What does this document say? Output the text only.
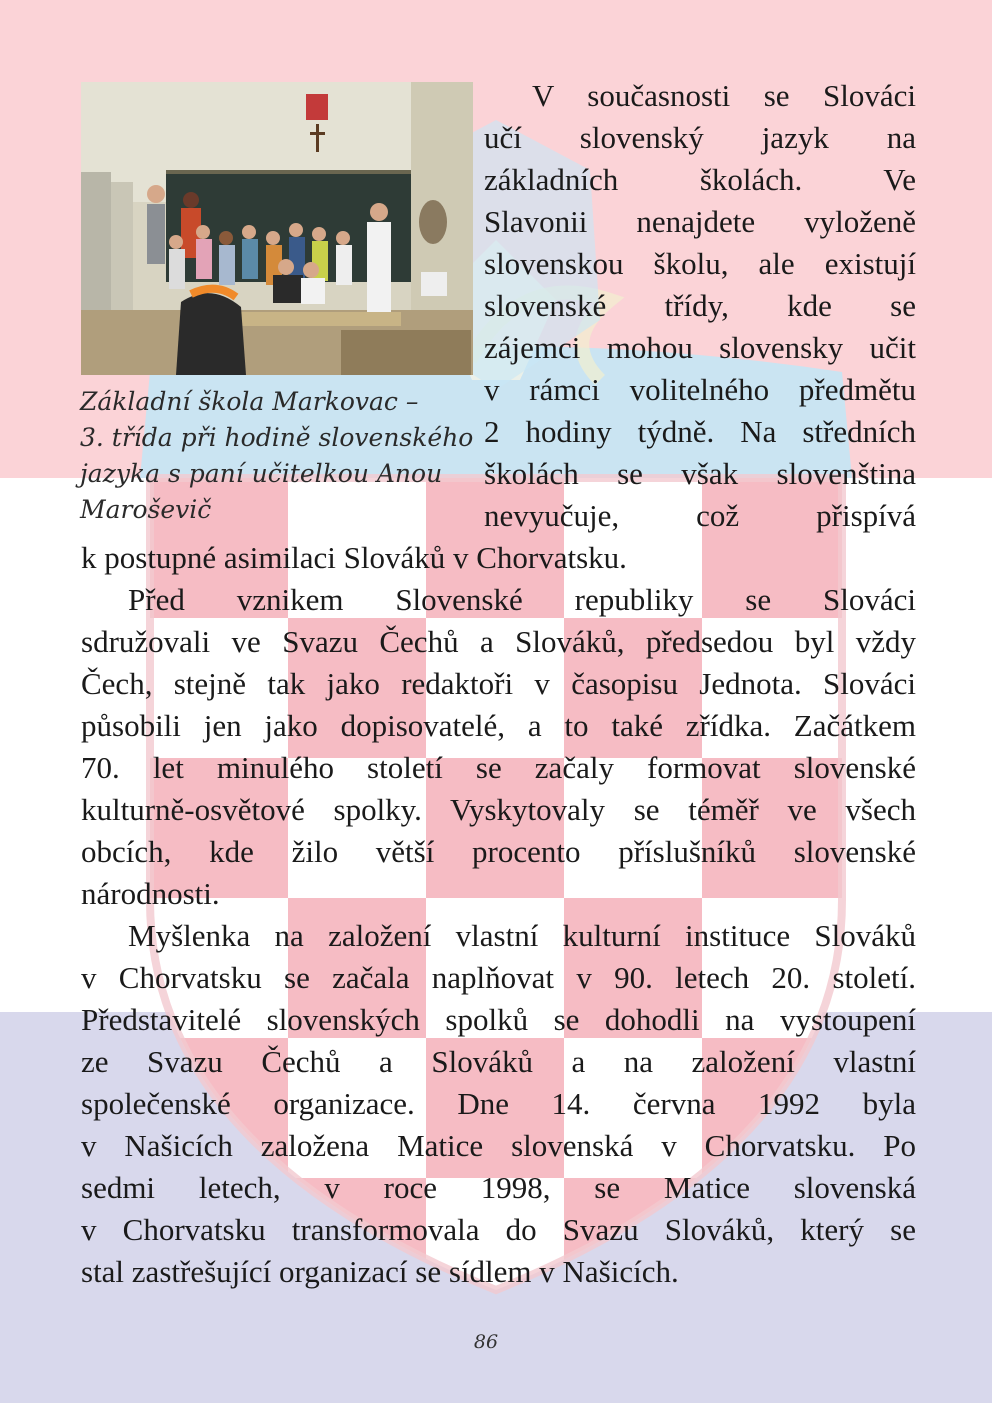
Základní škola Markovac –
3. třída při hodině slovenského
jazyka s paní učitelkou Anou
Maroševič
V současnosti se Slováci
učí slovenský jazyk na
základních školách. Ve
Slavonii nenajdete vyloženě
slovenskou školu, ale existují
slovenské třídy, kde se
zájemci mohou slovensky učit
v rámci volitelného předmětu
2 hodiny týdně. Na středních
školách se však slovenština
nevyučuje, což přispívá
k postupné asimilaci Slováků v Chorvatsku.
Před vznikem Slovenské republiky se Slováci
sdružovali ve Svazu Čechů a Slováků, předsedou byl vždy
Čech, stejně tak jako redaktoři v časopisu Jednota. Slováci
působili jen jako dopisovatelé, a to také zřídka. Začátkem
70. let minulého století se začaly formovat slovenské
kulturně-osvětové spolky. Vyskytovaly se téměř ve všech
obcích, kde žilo větší procento příslušníků slovenské
národnosti.
Myšlenka na založení vlastní kulturní instituce Slováků
v Chorvatsku se začala naplňovat v 90. letech 20. století.
Představitelé slovenských spolků se dohodli na vystoupení
ze Svazu Čechů a Slováků a na založení vlastní
společenské organizace. Dne 14. června 1992 byla
v Našicích založena Matice slovenská v Chorvatsku. Po
sedmi letech, v roce 1998, se Matice slovenská
v Chorvatsku transformovala do Svazu Slováků, který se
stal zastřešující organizací se sídlem v Našicích.
86
